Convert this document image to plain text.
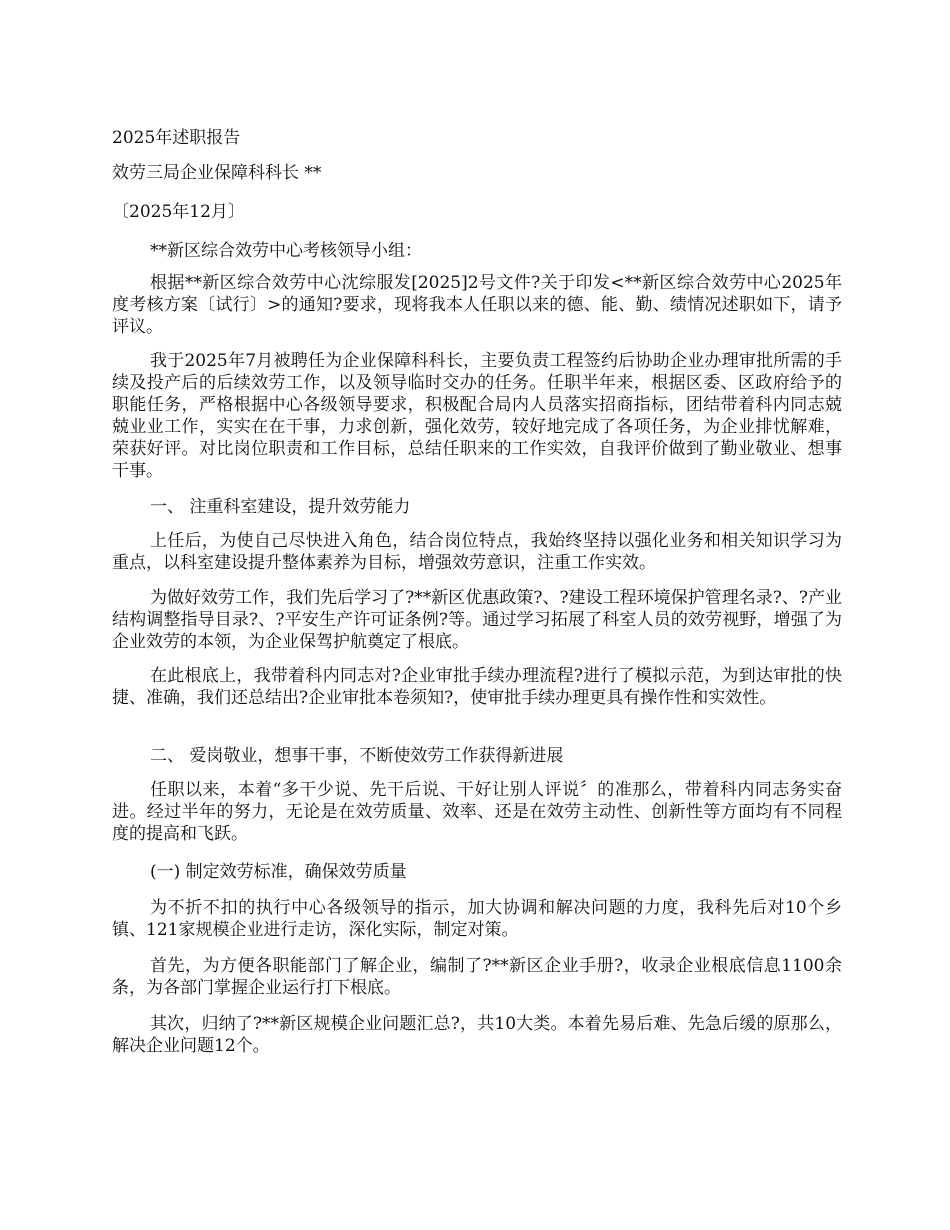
2025年述职报告
效劳三局企业保障科科长 **
〔2025年12月〕
**新区综合效劳中心考核领导小组：
根据**新区综合效劳中心沈综服发[2025]2号文件?关于印发<**新区综合效劳中心2025年度考核方案〔试行〕>的通知?要求，现将我本人任职以来的德、能、勤、绩情况述职如下，请予评议。
我于2025年7月被聘任为企业保障科科长，主要负责工程签约后协助企业办理审批所需的手续及投产后的后续效劳工作，以及领导临时交办的任务。任职半年来，根据区委、区政府给予的职能任务，严格根据中心各级领导要求，积极配合局内人员落实招商指标，团结带着科内同志兢兢业业工作，实实在在干事，力求创新，强化效劳，较好地完成了各项任务，为企业排忧解难，荣获好评。对比岗位职责和工作目标，总结任职来的工作实效，自我评价做到了勤业敬业、想事干事。
一、 注重科室建设，提升效劳能力
上任后，为使自己尽快进入角色，结合岗位特点，我始终坚持以强化业务和相关知识学习为重点，以科室建设提升整体素养为目标，增强效劳意识，注重工作实效。
为做好效劳工作，我们先后学习了?**新区优惠政策?、?建设工程环境保护管理名录?、?产业结构调整指导目录?、?平安生产许可证条例?等。通过学习拓展了科室人员的效劳视野，增强了为企业效劳的本领，为企业保驾护航奠定了根底。
在此根底上，我带着科内同志对?企业审批手续办理流程?进行了模拟示范，为到达审批的快捷、准确，我们还总结出?企业审批本卷须知?，使审批手续办理更具有操作性和实效性。
二、 爱岗敬业，想事干事，不断使效劳工作获得新进展
任职以来，本着“多干少说、先干后说、干好让别人评说〞的准那么，带着科内同志务实奋进。经过半年的努力，无论是在效劳质量、效率、还是在效劳主动性、创新性等方面均有不同程度的提高和飞跃。
(一) 制定效劳标准，确保效劳质量
为不折不扣的执行中心各级领导的指示，加大协调和解决问题的力度，我科先后对10个乡镇、121家规模企业进行走访，深化实际，制定对策。
首先，为方便各职能部门了解企业，编制了?**新区企业手册?，收录企业根底信息1100余条，为各部门掌握企业运行打下根底。
其次，归纳了?**新区规模企业问题汇总?，共10大类。本着先易后难、先急后缓的原那么，解决企业问题12个。
